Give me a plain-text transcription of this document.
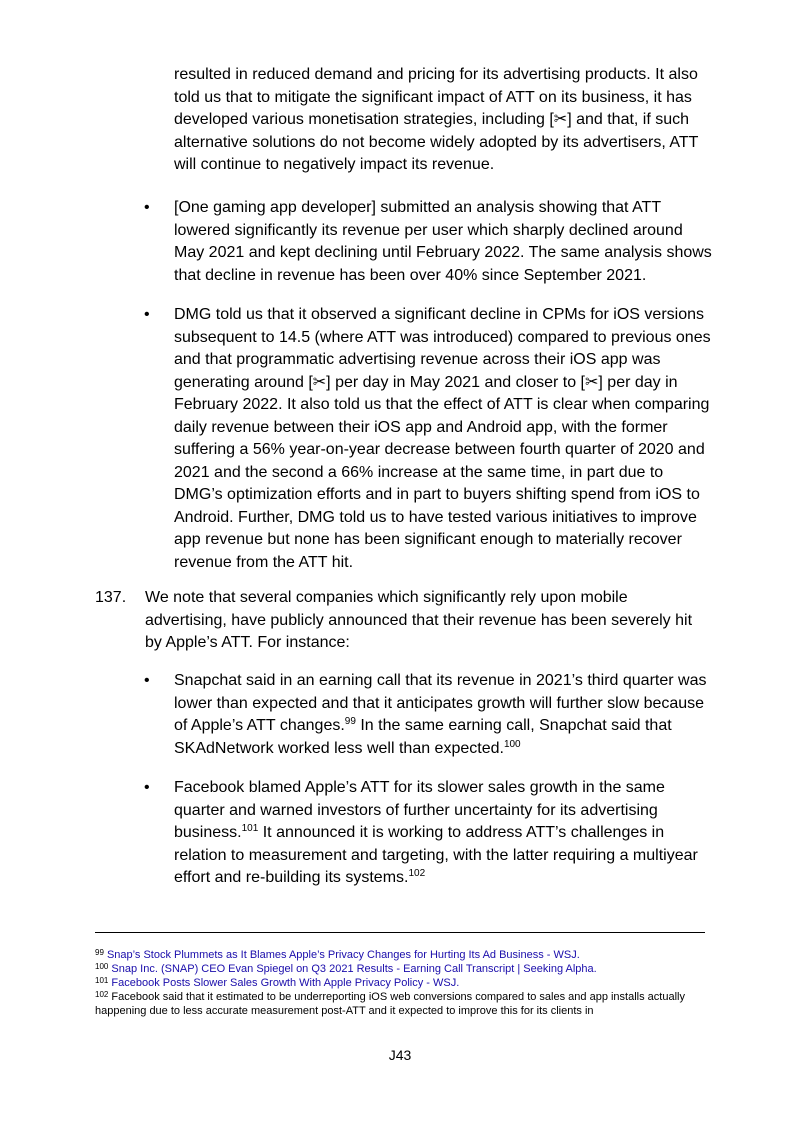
resulted in reduced demand and pricing for its advertising products. It also told us that to mitigate the significant impact of ATT on its business, it has developed various monetisation strategies, including [✂] and that, if such alternative solutions do not become widely adopted by its advertisers, ATT will continue to negatively impact its revenue.
• [One gaming app developer] submitted an analysis showing that ATT lowered significantly its revenue per user which sharply declined around May 2021 and kept declining until February 2022. The same analysis shows that decline in revenue has been over 40% since September 2021.
• DMG told us that it observed a significant decline in CPMs for iOS versions subsequent to 14.5 (where ATT was introduced) compared to previous ones and that programmatic advertising revenue across their iOS app was generating around [✂] per day in May 2021 and closer to [✂] per day in February 2022. It also told us that the effect of ATT is clear when comparing daily revenue between their iOS app and Android app, with the former suffering a 56% year-on-year decrease between fourth quarter of 2020 and 2021 and the second a 66% increase at the same time, in part due to DMG’s optimization efforts and in part to buyers shifting spend from iOS to Android. Further, DMG told us to have tested various initiatives to improve app revenue but none has been significant enough to materially recover revenue from the ATT hit.
137. We note that several companies which significantly rely upon mobile advertising, have publicly announced that their revenue has been severely hit by Apple’s ATT. For instance:
• Snapchat said in an earning call that its revenue in 2021’s third quarter was lower than expected and that it anticipates growth will further slow because of Apple’s ATT changes.$^{99}$ In the same earning call, Snapchat said that SKAdNetwork worked less well than expected.$^{100}$
• Facebook blamed Apple’s ATT for its slower sales growth in the same quarter and warned investors of further uncertainty for its advertising business.$^{101}$ It announced it is working to address ATT’s challenges in relation to measurement and targeting, with the latter requiring a multiyear effort and re-building its systems.$^{102}$
$^{99}$ Snap’s Stock Plummets as It Blames Apple’s Privacy Changes for Hurting Its Ad Business - WSJ.
$^{100}$ Snap Inc. (SNAP) CEO Evan Spiegel on Q3 2021 Results - Earning Call Transcript | Seeking Alpha.
$^{101}$ Facebook Posts Slower Sales Growth With Apple Privacy Policy - WSJ.
$^{102}$ Facebook said that it estimated to be underreporting iOS web conversions compared to sales and app installs actually happening due to less accurate measurement post-ATT and it expected to improve this for its clients in
J43
